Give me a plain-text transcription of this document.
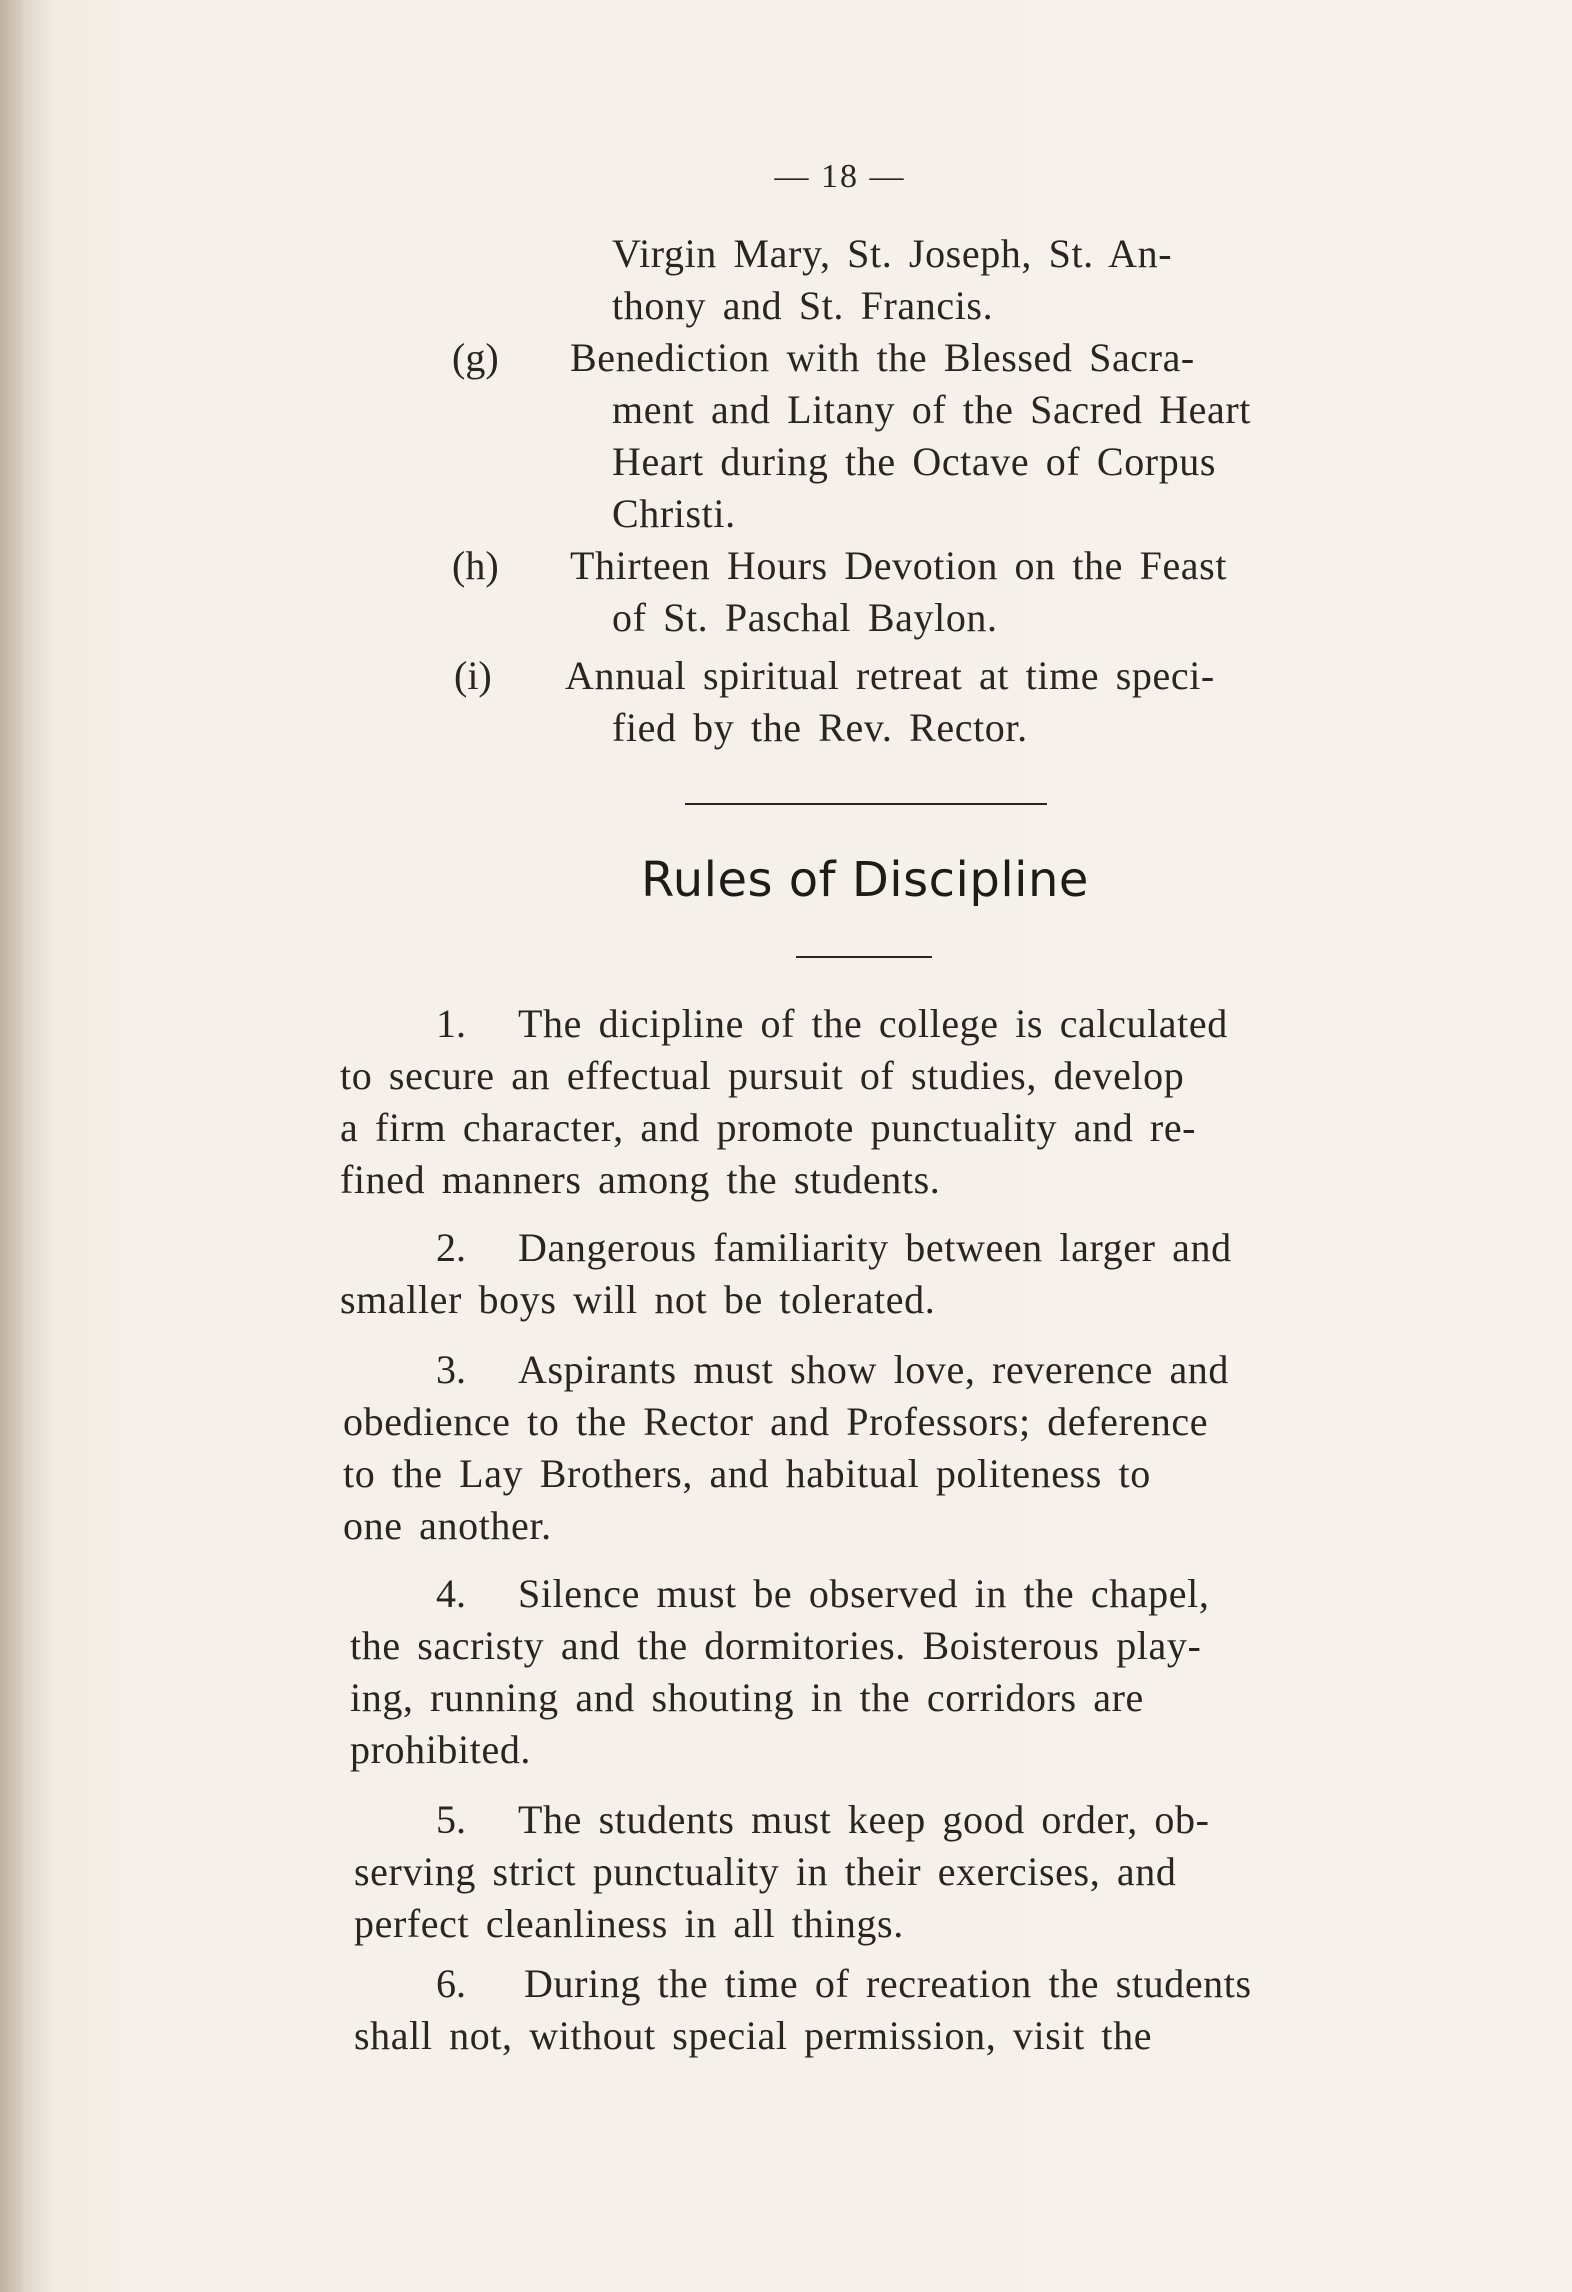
— 18 —
Virgin Mary, St. Joseph, St. An-
thony and St. Francis.
(g) Benediction with the Blessed Sacra-
ment and Litany of the Sacred Heart
Heart during the Octave of Corpus
Christi.
(h) Thirteen Hours Devotion on the Feast
of St. Paschal Baylon.
(i) Annual spiritual retreat at time speci-
fied by the Rev. Rector.
Rules of Discipline
1. The dicipline of the college is calculated
to secure an effectual pursuit of studies, develop
a firm character, and promote punctuality and re-
fined manners among the students.
2. Dangerous familiarity between larger and
smaller boys will not be tolerated.
3. Aspirants must show love, reverence and
obedience to the Rector and Professors; deference
to the Lay Brothers, and habitual politeness to
one another.
4. Silence must be observed in the chapel,
the sacristy and the dormitories. Boisterous play-
ing, running and shouting in the corridors are
prohibited.
5. The students must keep good order, ob-
serving strict punctuality in their exercises, and
perfect cleanliness in all things.
6. During the time of recreation the students
shall not, without special permission, visit the
